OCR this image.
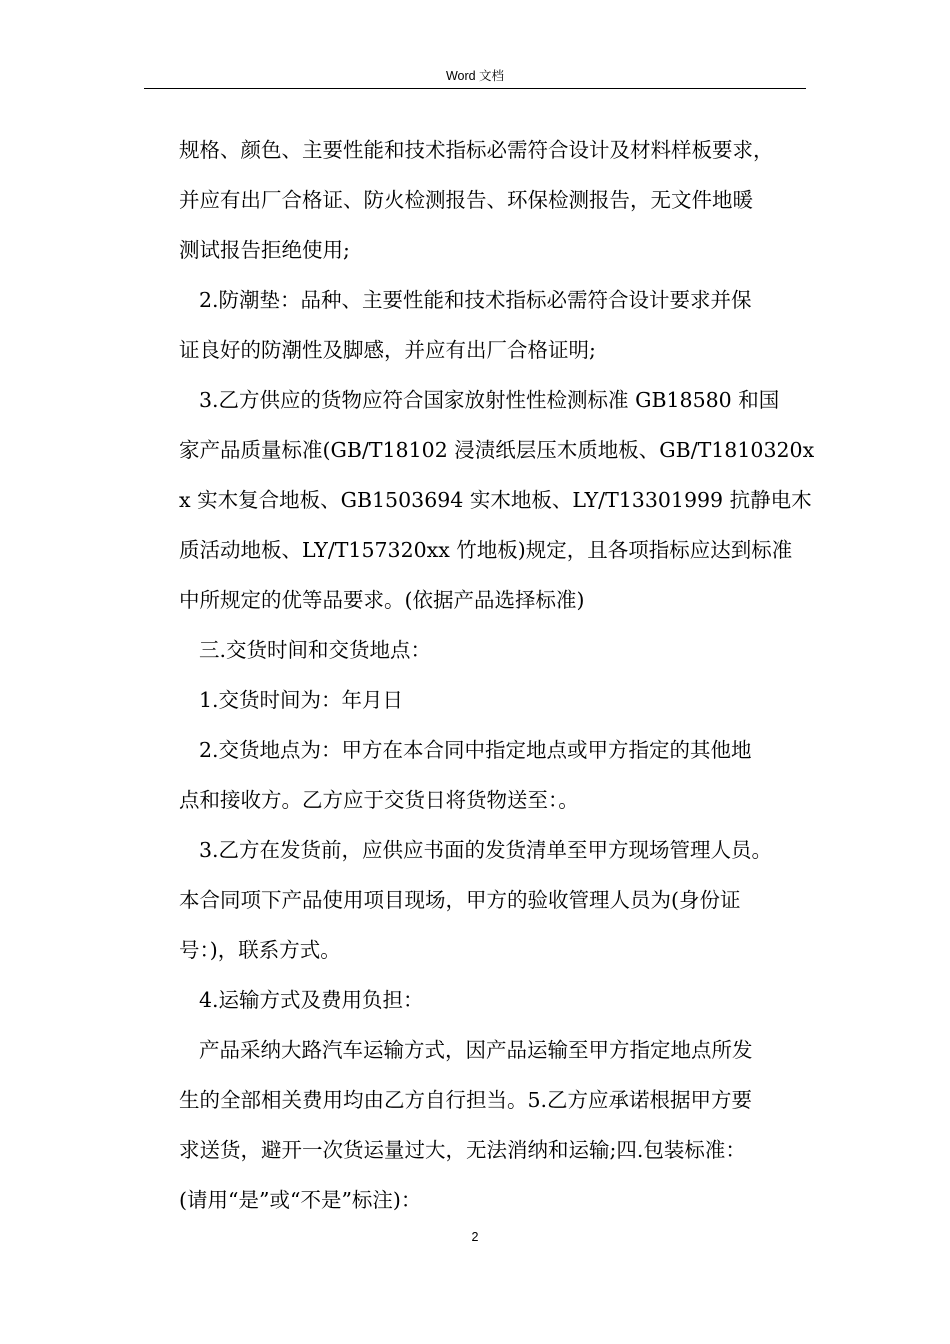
Word 文档

规格、颜色、主要性能和技术指标必需符合设计及材料样板要求，

并应有出厂合格证、防火检测报告、环保检测报告，无文件地暖

测试报告拒绝使用;

2.防潮垫：品种、主要性能和技术指标必需符合设计要求并保

证良好的防潮性及脚感，并应有出厂合格证明;

3.乙方供应的货物应符合国家放射性性检测标准 GB18580 和国

家产品质量标准(GB/T18102 浸渍纸层压木质地板、GB/T1810320x

x 实木复合地板、GB1503694 实木地板、LY/T13301999 抗静电木

质活动地板、LY/T157320xx 竹地板)规定，且各项指标应达到标准

中所规定的优等品要求。(依据产品选择标准)

三.交货时间和交货地点：

1.交货时间为：年月日

2.交货地点为：甲方在本合同中指定地点或甲方指定的其他地

点和接收方。乙方应于交货日将货物送至：。

3.乙方在发货前，应供应书面的发货清单至甲方现场管理人员。

本合同项下产品使用项目现场，甲方的验收管理人员为(身份证

号：)，联系方式。

4.运输方式及费用负担：

产品采纳大路汽车运输方式，因产品运输至甲方指定地点所发

生的全部相关费用均由乙方自行担当。5.乙方应承诺根据甲方要

求送货，避开一次货运量过大，无法消纳和运输;四.包装标准：

(请用“是”或“不是”标注)：

2
